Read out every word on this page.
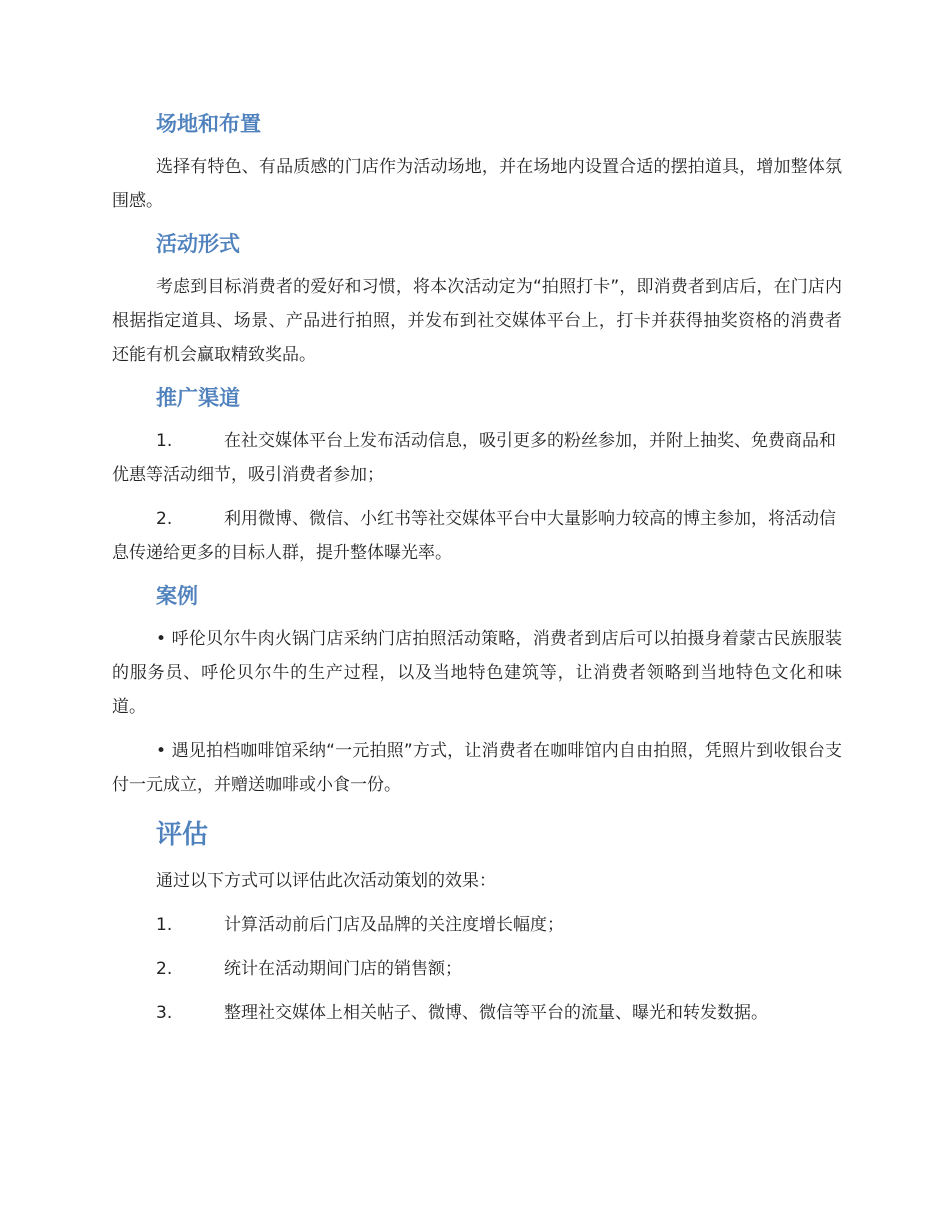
场地和布置

选择有特色、有品质感的门店作为活动场地，并在场地内设置合适的摆拍道具，增加整体氛围感。

活动形式

考虑到目标消费者的爱好和习惯，将本次活动定为“拍照打卡”，即消费者到店后，在门店内根据指定道具、场景、产品进行拍照，并发布到社交媒体平台上，打卡并获得抽奖资格的消费者还能有机会赢取精致奖品。

推广渠道

1.	在社交媒体平台上发布活动信息，吸引更多的粉丝参加，并附上抽奖、免费商品和优惠等活动细节，吸引消费者参加；

2.	利用微博、微信、小红书等社交媒体平台中大量影响力较高的博主参加，将活动信息传递给更多的目标人群，提升整体曝光率。

案例

• 呼伦贝尔牛肉火锅门店采纳门店拍照活动策略，消费者到店后可以拍摄身着蒙古民族服装的服务员、呼伦贝尔牛的生产过程，以及当地特色建筑等，让消费者领略到当地特色文化和味道。

• 遇见拍档咖啡馆采纳“一元拍照”方式，让消费者在咖啡馆内自由拍照，凭照片到收银台支付一元成立，并赠送咖啡或小食一份。

评估

通过以下方式可以评估此次活动策划的效果：

1.	计算活动前后门店及品牌的关注度增长幅度；

2.	统计在活动期间门店的销售额；

3.	整理社交媒体上相关帖子、微博、微信等平台的流量、曝光和转发数据。
